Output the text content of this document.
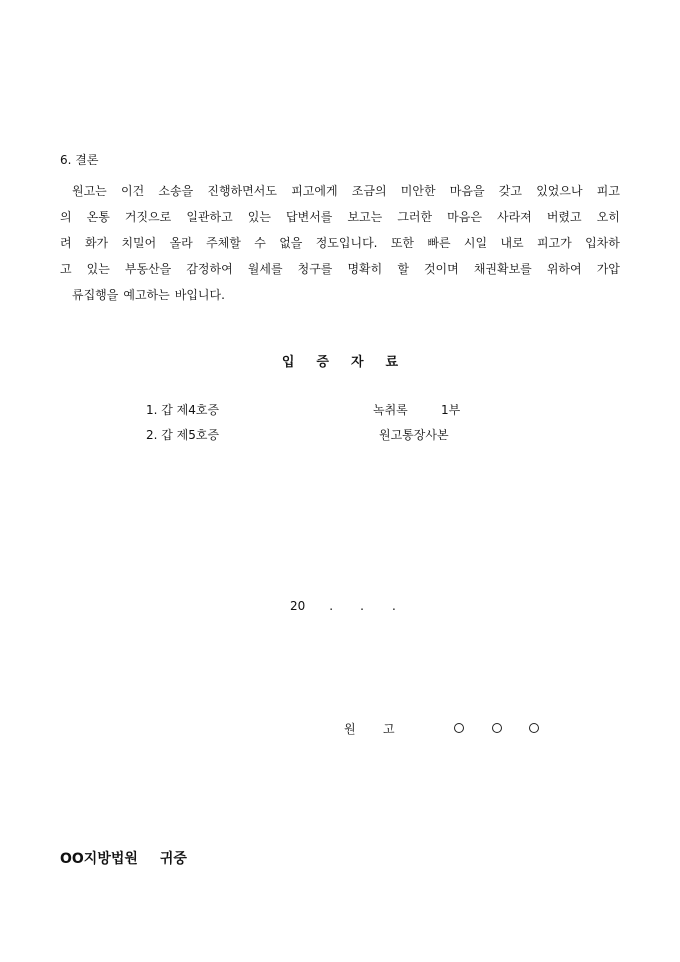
6. 결론
원고는 이건 소송을 진행하면서도 피고에게 조금의 미안한 마음을 갖고 있었으나 피고
의 온통 거짓으로 일관하고 있는 답변서를 보고는 그러한 마음은 사라져 버렸고 오히
려 화가 치밀어 올라 주체할 수 없을 정도입니다. 또한 빠른 시일 내로 피고가 입차하
고 있는 부동산을 감정하여 월세를 청구를 명확히 할 것이며 채권확보를 위하여 가압
류집행을 예고하는 바입니다.
입증자료
1. 갑 제4호증	녹취록	1부
2. 갑 제5호증	원고통장사본
20 . . .
원 고
OO지방법원 귀중
